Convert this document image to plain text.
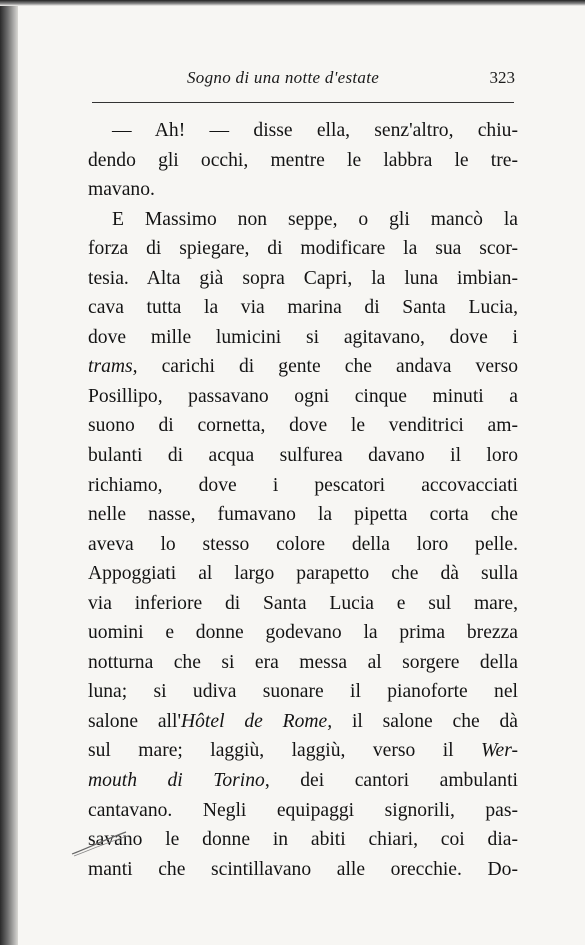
Sogno di una notte d'estate	323
— Ah! — disse ella, senz'altro, chiu-
dendo gli occhi, mentre le labbra le tre-
mavano.
E Massimo non seppe, o gli mancò la
forza di spiegare, di modificare la sua scor-
tesia. Alta già sopra Capri, la luna imbian-
cava tutta la via marina di Santa Lucia,
dove mille lumicini si agitavano, dove i
trams, carichi di gente che andava verso
Posillipo, passavano ogni cinque minuti a
suono di cornetta, dove le venditrici am-
bulanti di acqua sulfurea davano il loro
richiamo, dove i pescatori accovacciati
nelle nasse, fumavano la pipetta corta che
aveva lo stesso colore della loro pelle.
Appoggiati al largo parapetto che dà sulla
via inferiore di Santa Lucia e sul mare,
uomini e donne godevano la prima brezza
notturna che si era messa al sorgere della
luna; si udiva suonare il pianoforte nel
salone all'Hôtel de Rome, il salone che dà
sul mare; laggiù, laggiù, verso il Wer-
mouth di Torino, dei cantori ambulanti
cantavano. Negli equipaggi signorili, pas-
savano le donne in abiti chiari, coi dia-
manti che scintillavano alle orecchie. Do-
